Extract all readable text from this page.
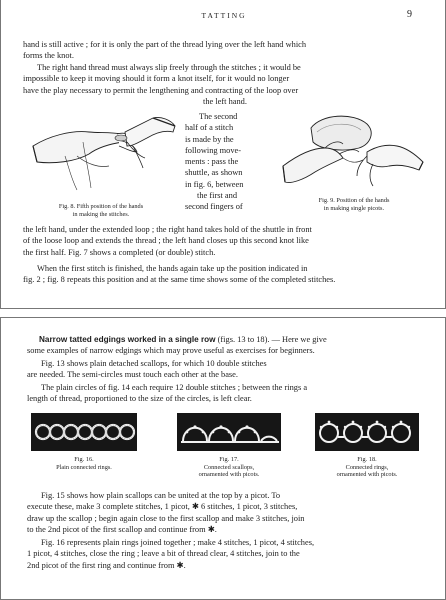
TATTING	9
hand is still active ; for it is only the part of the thread lying over the left hand which
forms the knot.
The right hand thread must always slip freely through the stitches ; it would be
impossible to keep it moving should it form a knot itself, for it would no longer
have the play necessary to permit the lengthening and contracting of the loop over
the left hand.
Fig. 8. Fifth position of the hands
in making the stitches.
The second
half of a stitch
is made by the
following move-
ments : pass the
shuttle, as shown
in fig. 6, between
the first and
second fingers of
Fig. 9. Position of the hands
in making single picots.
the left hand, under the extended loop ; the right hand takes hold of the shuttle in front
of the loose loop and extends the thread ; the left hand closes up this second knot like
the first half. Fig. 7 shows a completed (or double) stitch.
When the first stitch is finished, the hands again take up the position indicated in
fig. 2 ; fig. 8 repeats this position and at the same time shows some of the completed stitches.
Narrow tatted edgings worked in a single row (figs. 13 to 18). — Here we give
some examples of narrow edgings which may prove useful as exercises for beginners.
Fig. 13 shows plain detached scallops, for which 10 double stitches
are needed. The semi-circles must touch each other at the base.
The plain circles of fig. 14 each require 12 double stitches ; between the rings a
length of thread, proportioned to the size of the circles, is left clear.
Fig. 16.
Plain connected rings.
Fig. 17.
Connected scallops,
ornamented with picots.
Fig. 18.
Connected rings,
ornamented with picots.
Fig. 15 shows how plain scallops can be united at the top by a picot. To
execute these, make 3 complete stitches, 1 picot, ✱ 6 stitches, 1 picot, 3 stitches,
draw up the scallop ; begin again close to the first scallop and make 3 stitches, join
to the 2nd picot of the first scallop and continue from ✱.
Fig. 16 represents plain rings joined together ; make 4 stitches, 1 picot, 4 stitches,
1 picot, 4 stitches, close the ring ; leave a bit of thread clear, 4 stitches, join to the
2nd picot of the first ring and continue from ✱.
